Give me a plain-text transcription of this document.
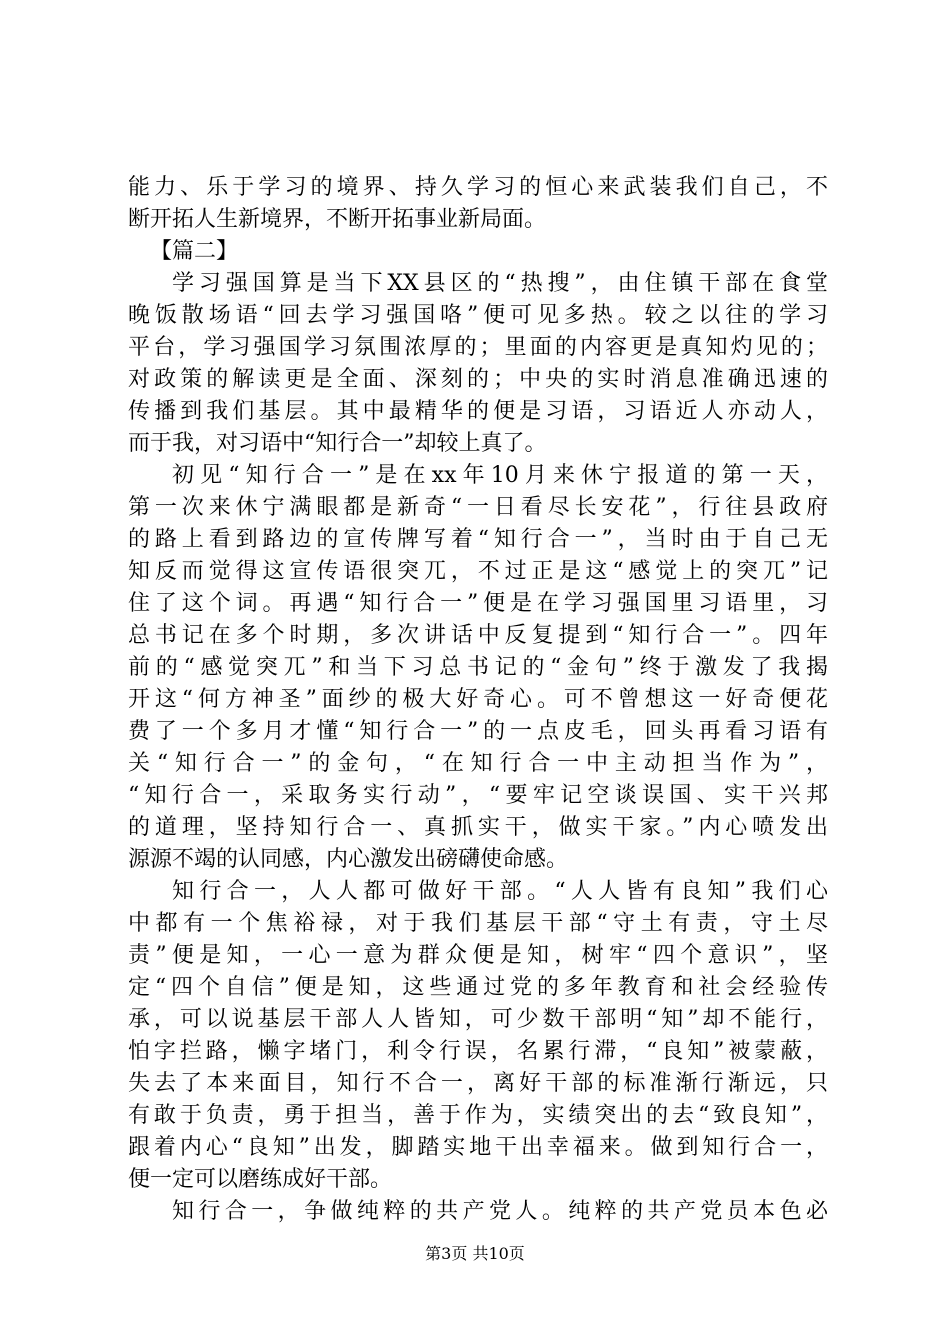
能力、乐于学习的境界、持久学习的恒心来武装我们自己，不
断开拓人生新境界，不断开拓事业新局面。
【篇二】
学习强国算是当下XX县区的“热搜”，由住镇干部在食堂
晚饭散场语“回去学习强国咯”便可见多热。较之以往的学习
平台，学习强国学习氛围浓厚的；里面的内容更是真知灼见的；
对政策的解读更是全面、深刻的；中央的实时消息准确迅速的
传播到我们基层。其中最精华的便是习语，习语近人亦动人，
而于我，对习语中“知行合一”却较上真了。
初见“知行合一”是在xx年10月来休宁报道的第一天，
第一次来休宁满眼都是新奇“一日看尽长安花”，行往县政府
的路上看到路边的宣传牌写着“知行合一”，当时由于自己无
知反而觉得这宣传语很突兀，不过正是这“感觉上的突兀”记
住了这个词。再遇“知行合一”便是在学习强国里习语里，习
总书记在多个时期，多次讲话中反复提到“知行合一”。四年
前的“感觉突兀”和当下习总书记的“金句”终于激发了我揭
开这“何方神圣”面纱的极大好奇心。可不曾想这一好奇便花
费了一个多月才懂“知行合一”的一点皮毛，回头再看习语有
关“知行合一”的金句，“在知行合一中主动担当作为”，
“知行合一，采取务实行动”，“要牢记空谈误国、实干兴邦
的道理，坚持知行合一、真抓实干，做实干家。”内心喷发出
源源不竭的认同感，内心激发出磅礴使命感。
知行合一，人人都可做好干部。“人人皆有良知”我们心
中都有一个焦裕禄，对于我们基层干部“守土有责，守土尽
责”便是知，一心一意为群众便是知，树牢“四个意识”，坚
定“四个自信”便是知，这些通过党的多年教育和社会经验传
承，可以说基层干部人人皆知，可少数干部明“知”却不能行，
怕字拦路，懒字堵门，利令行误，名累行滞，“良知”被蒙蔽，
失去了本来面目，知行不合一，离好干部的标准渐行渐远，只
有敢于负责，勇于担当，善于作为，实绩突出的去“致良知”，
跟着内心“良知”出发，脚踏实地干出幸福来。做到知行合一，
便一定可以磨练成好干部。
知行合一，争做纯粹的共产党人。纯粹的共产党员本色必
第3页 共10页
